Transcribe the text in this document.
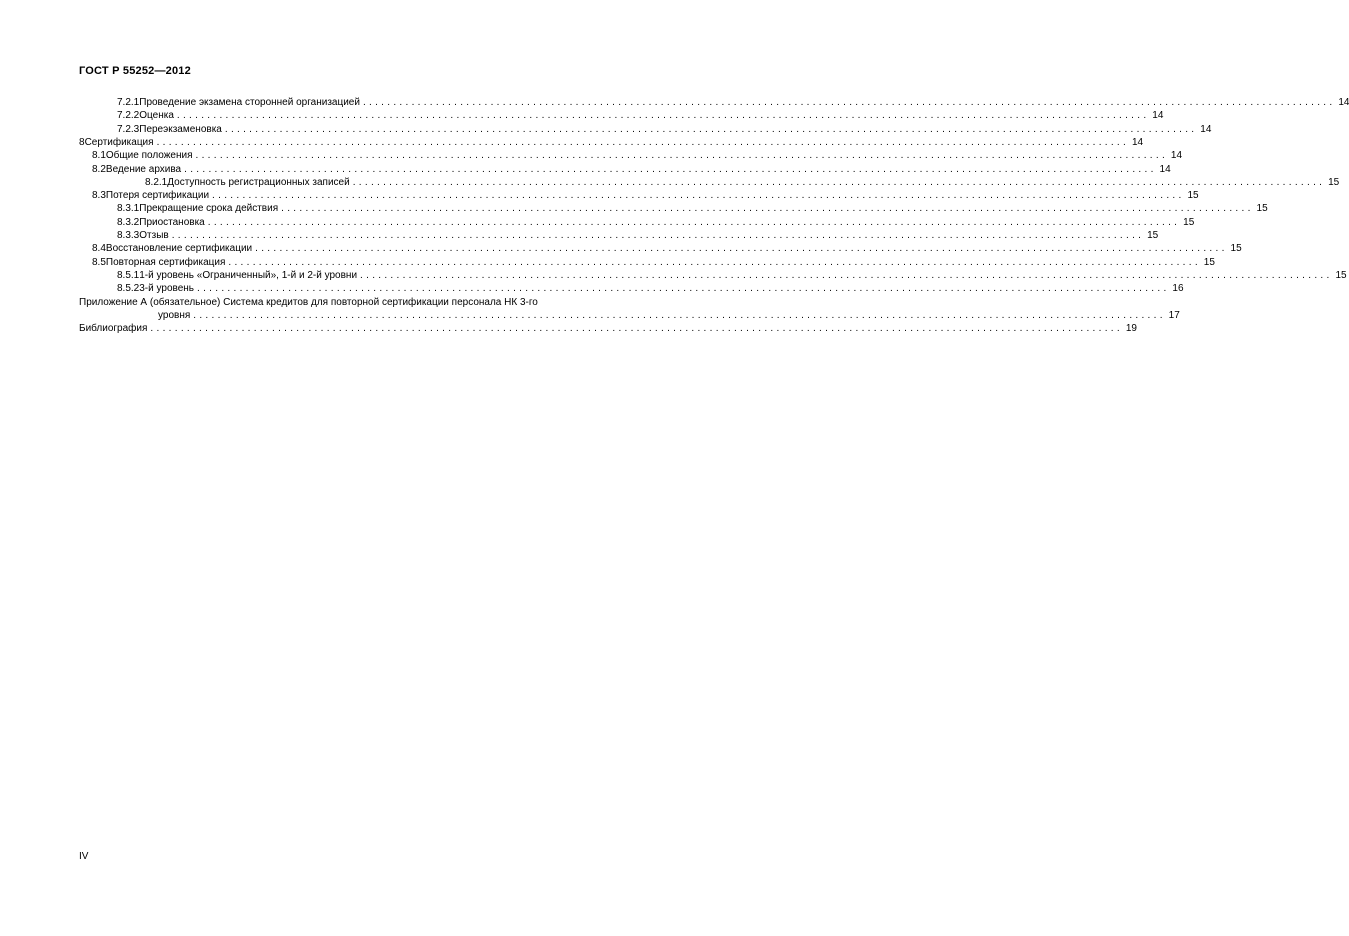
ГОСТ Р 55252—2012
7.2.1 Проведение экзамена сторонней организацией ................................................................................................................................................................ 14
7.2.2 Оценка ................................................................................................................................................................ 14
7.2.3 Переэкзаменовка ................................................................................................................................................................ 14
8 Сертификация ................................................................................................................................................................ 14
8.1 Общие положения ................................................................................................................................................................ 14
8.2 Ведение архива ................................................................................................................................................................ 14
8.2.1 Доступность регистрационных записей ................................................................................................................................................................ 15
8.3 Потеря сертификации ................................................................................................................................................................ 15
8.3.1 Прекращение срока действия ................................................................................................................................................................ 15
8.3.2 Приостановка ................................................................................................................................................................ 15
8.3.3 Отзыв ................................................................................................................................................................ 15
8.4 Восстановление сертификации ................................................................................................................................................................ 15
8.5 Повторная сертификация ................................................................................................................................................................ 15
8.5.1 1-й уровень «Ограниченный», 1-й и 2-й уровни ................................................................................................................................................................ 15
8.5.2 3-й уровень ................................................................................................................................................................ 16
Приложение А (обязательное) Система кредитов для повторной сертификации персонала НК 3-го
уровня ................................................................................................................................................................ 17
Библиография ................................................................................................................................................................ 19
IV
